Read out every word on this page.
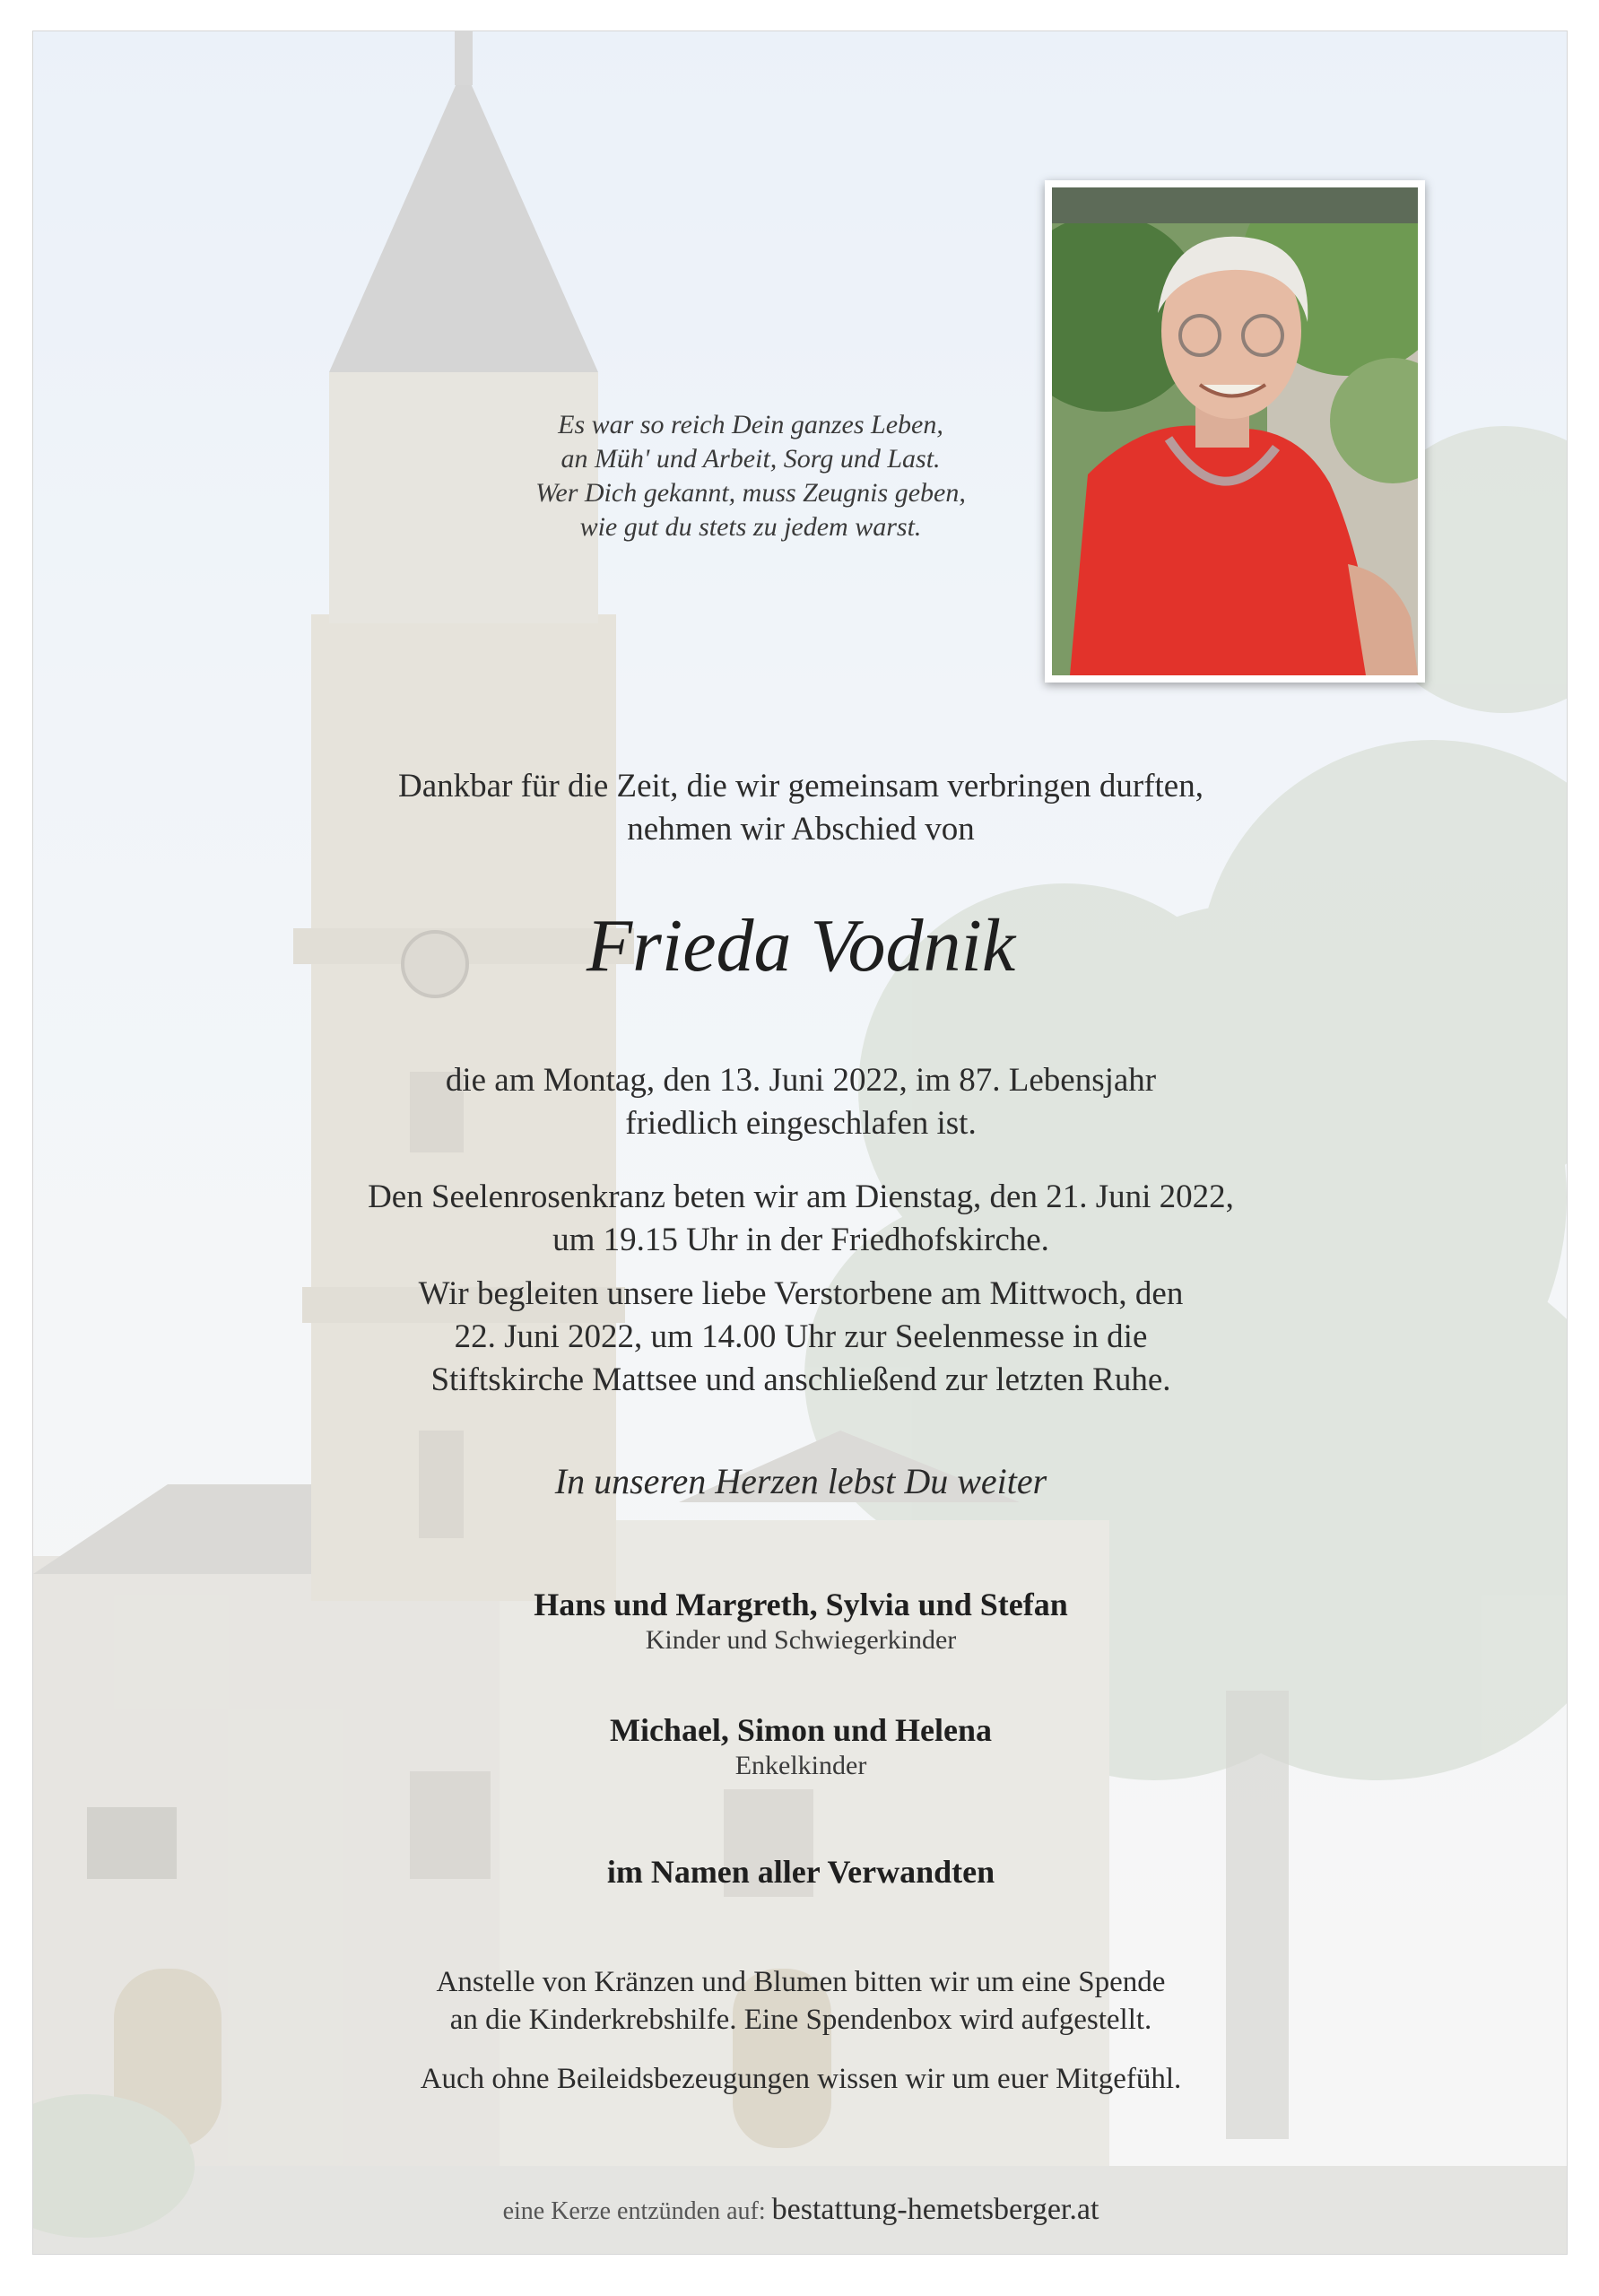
Es war so reich Dein ganzes Leben,
an Müh' und Arbeit, Sorg und Last.
Wer Dich gekannt, muss Zeugnis geben,
wie gut du stets zu jedem warst.
Dankbar für die Zeit, die wir gemeinsam verbringen durften,
nehmen wir Abschied von
Frieda Vodnik
die am Montag, den 13. Juni 2022, im 87. Lebensjahr
friedlich eingeschlafen ist.
Den Seelenrosenkranz beten wir am Dienstag, den 21. Juni 2022,
um 19.15 Uhr in der Friedhofskirche.
Wir begleiten unsere liebe Verstorbene am Mittwoch, den
22. Juni 2022, um 14.00 Uhr zur Seelenmesse in die
Stiftskirche Mattsee und anschließend zur letzten Ruhe.
In unseren Herzen lebst Du weiter
Hans und Margreth, Sylvia und Stefan
Kinder und Schwiegerkinder
Michael, Simon und Helena
Enkelkinder
im Namen aller Verwandten
Anstelle von Kränzen und Blumen bitten wir um eine Spende
an die Kinderkrebshilfe. Eine Spendenbox wird aufgestellt.
Auch ohne Beileidsbezeugungen wissen wir um euer Mitgefühl.
eine Kerze entzünden auf: bestattung-hemetsberger.at
